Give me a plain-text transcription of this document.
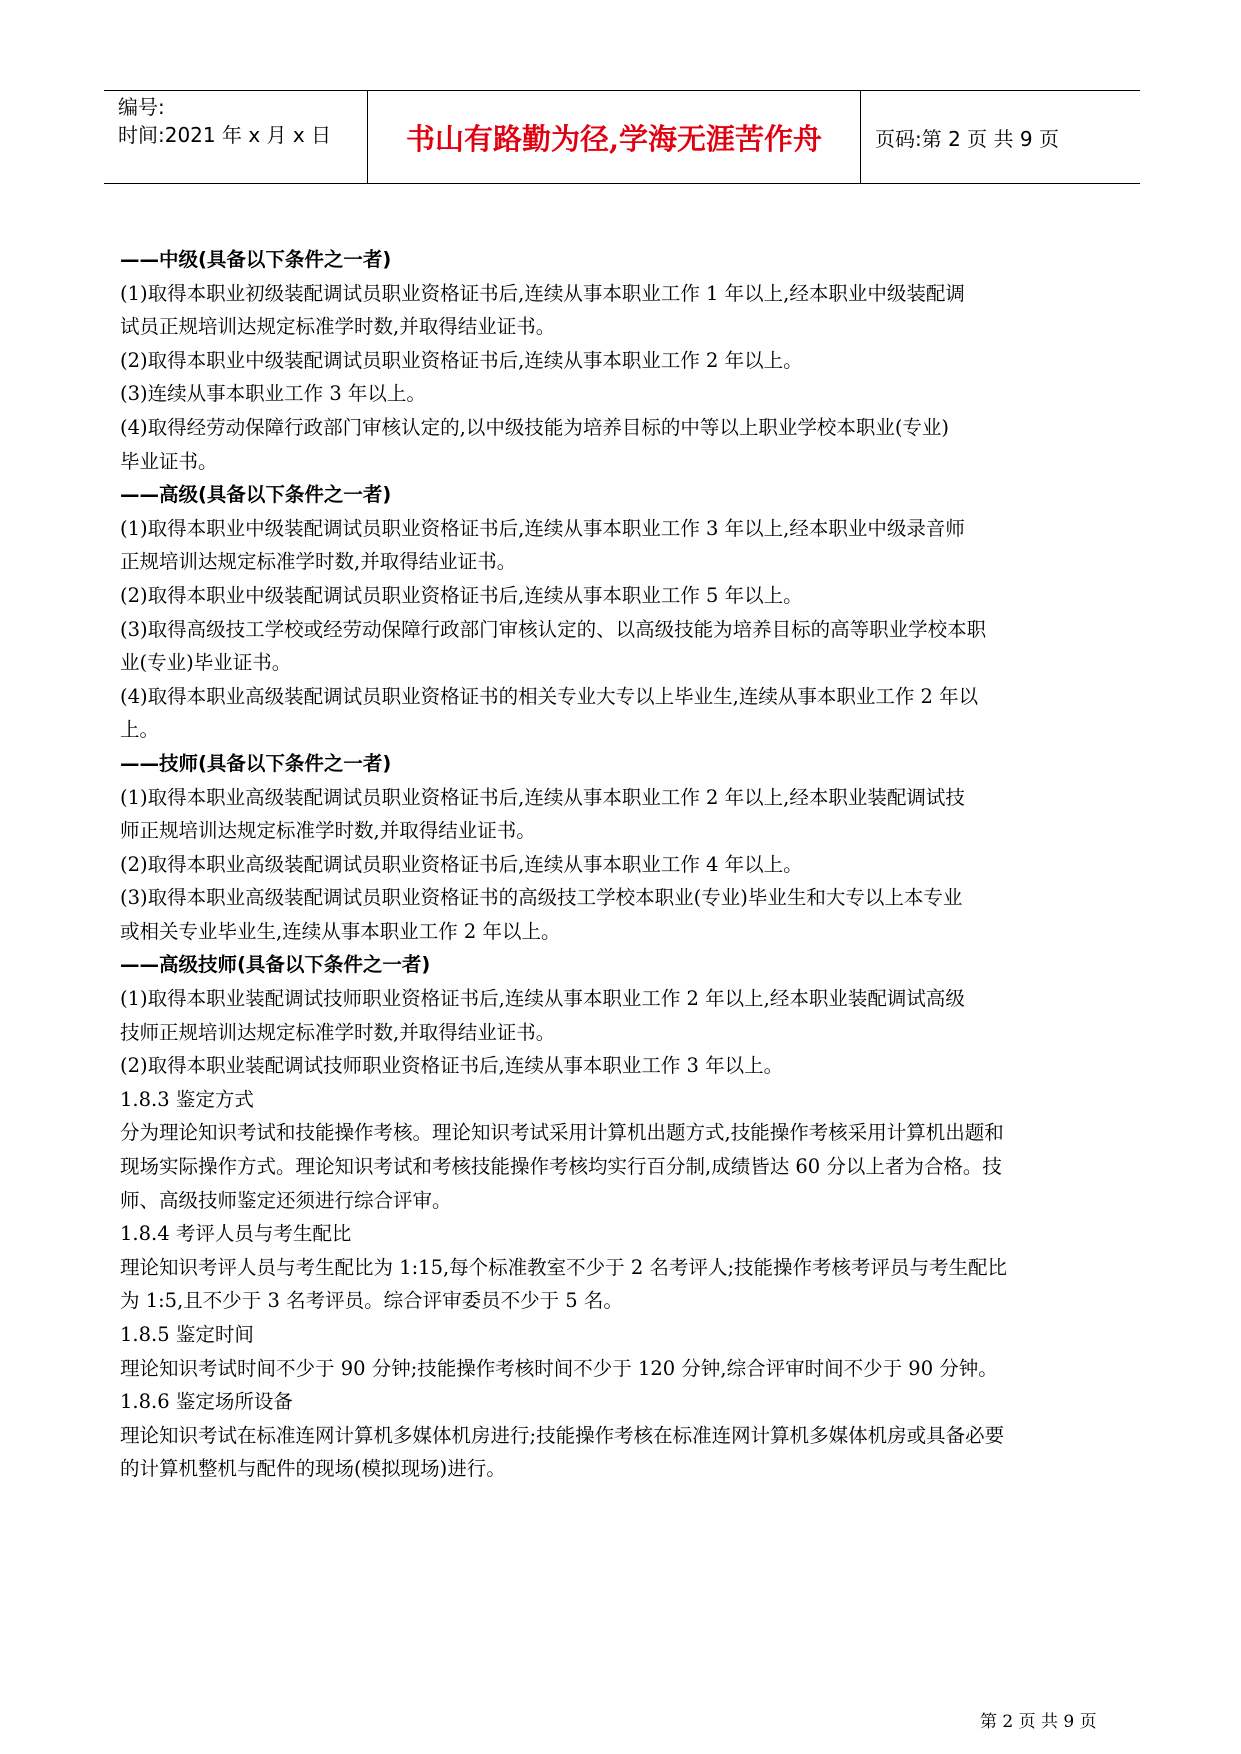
编号:
时间:2021 年 x 月 x 日	书山有路勤为径,学海无涯苦作舟	页码:第 2 页 共 9 页
——中级(具备以下条件之一者)
(1)取得本职业初级装配调试员职业资格证书后,连续从事本职业工作 1 年以上,经本职业中级装配调
试员正规培训达规定标准学时数,并取得结业证书。
(2)取得本职业中级装配调试员职业资格证书后,连续从事本职业工作 2 年以上。
(3)连续从事本职业工作 3 年以上。
(4)取得经劳动保障行政部门审核认定的,以中级技能为培养目标的中等以上职业学校本职业(专业)
毕业证书。
——高级(具备以下条件之一者)
(1)取得本职业中级装配调试员职业资格证书后,连续从事本职业工作 3 年以上,经本职业中级录音师
正规培训达规定标准学时数,并取得结业证书。
(2)取得本职业中级装配调试员职业资格证书后,连续从事本职业工作 5 年以上。
(3)取得高级技工学校或经劳动保障行政部门审核认定的、以高级技能为培养目标的高等职业学校本职
业(专业)毕业证书。
(4)取得本职业高级装配调试员职业资格证书的相关专业大专以上毕业生,连续从事本职业工作 2 年以
上。
——技师(具备以下条件之一者)
(1)取得本职业高级装配调试员职业资格证书后,连续从事本职业工作 2 年以上,经本职业装配调试技
师正规培训达规定标准学时数,并取得结业证书。
(2)取得本职业高级装配调试员职业资格证书后,连续从事本职业工作 4 年以上。
(3)取得本职业高级装配调试员职业资格证书的高级技工学校本职业(专业)毕业生和大专以上本专业
或相关专业毕业生,连续从事本职业工作 2 年以上。
——高级技师(具备以下条件之一者)
(1)取得本职业装配调试技师职业资格证书后,连续从事本职业工作 2 年以上,经本职业装配调试高级
技师正规培训达规定标准学时数,并取得结业证书。
(2)取得本职业装配调试技师职业资格证书后,连续从事本职业工作 3 年以上。
1.8.3 鉴定方式
分为理论知识考试和技能操作考核。理论知识考试采用计算机出题方式,技能操作考核采用计算机出题和
现场实际操作方式。理论知识考试和考核技能操作考核均实行百分制,成绩皆达 60 分以上者为合格。技
师、高级技师鉴定还须进行综合评审。
1.8.4 考评人员与考生配比
理论知识考评人员与考生配比为 1:15,每个标准教室不少于 2 名考评人;技能操作考核考评员与考生配比
为 1:5,且不少于 3 名考评员。综合评审委员不少于 5 名。
1.8.5 鉴定时间
理论知识考试时间不少于 90 分钟;技能操作考核时间不少于 120 分钟,综合评审时间不少于 90 分钟。
1.8.6 鉴定场所设备
理论知识考试在标准连网计算机多媒体机房进行;技能操作考核在标准连网计算机多媒体机房或具备必要
的计算机整机与配件的现场(模拟现场)进行。
第 2 页 共 9 页
